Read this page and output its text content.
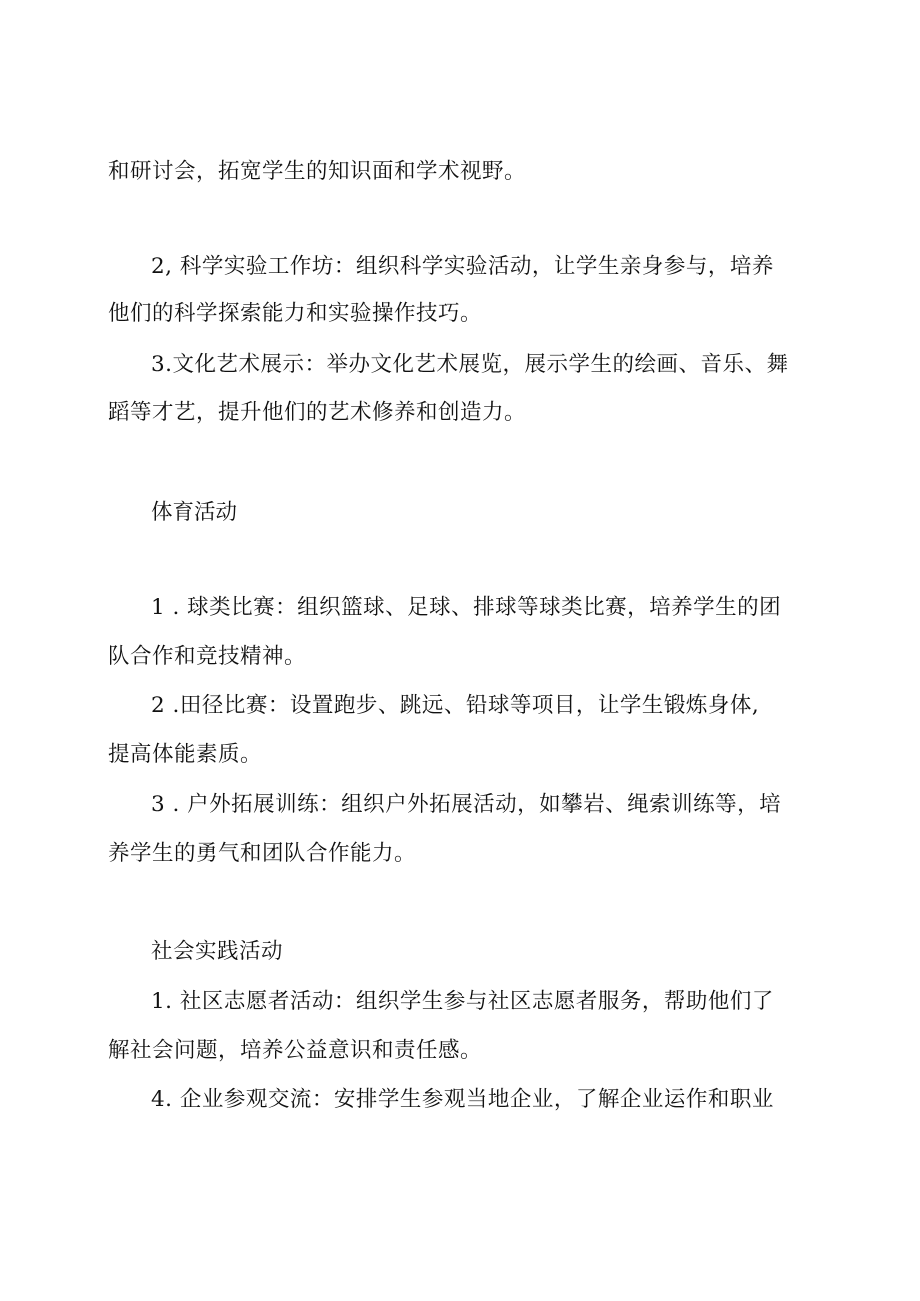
和研讨会，拓宽学生的知识面和学术视野。
2, 科学实验工作坊：组织科学实验活动，让学生亲身参与，培养
他们的科学探索能力和实验操作技巧。
3.文化艺术展示：举办文化艺术展览，展示学生的绘画、音乐、舞
蹈等才艺，提升他们的艺术修养和创造力。
体育活动
1 . 球类比赛：组织篮球、足球、排球等球类比赛，培养学生的团
队合作和竞技精神。
2 .田径比赛：设置跑步、跳远、铅球等项目，让学生锻炼身体,
提高体能素质。
3 . 户外拓展训练：组织户外拓展活动，如攀岩、绳索训练等，培
养学生的勇气和团队合作能力。
社会实践活动
1. 社区志愿者活动：组织学生参与社区志愿者服务，帮助他们了
解社会问题，培养公益意识和责任感。
4. 企业参观交流：安排学生参观当地企业，了解企业运作和职业
